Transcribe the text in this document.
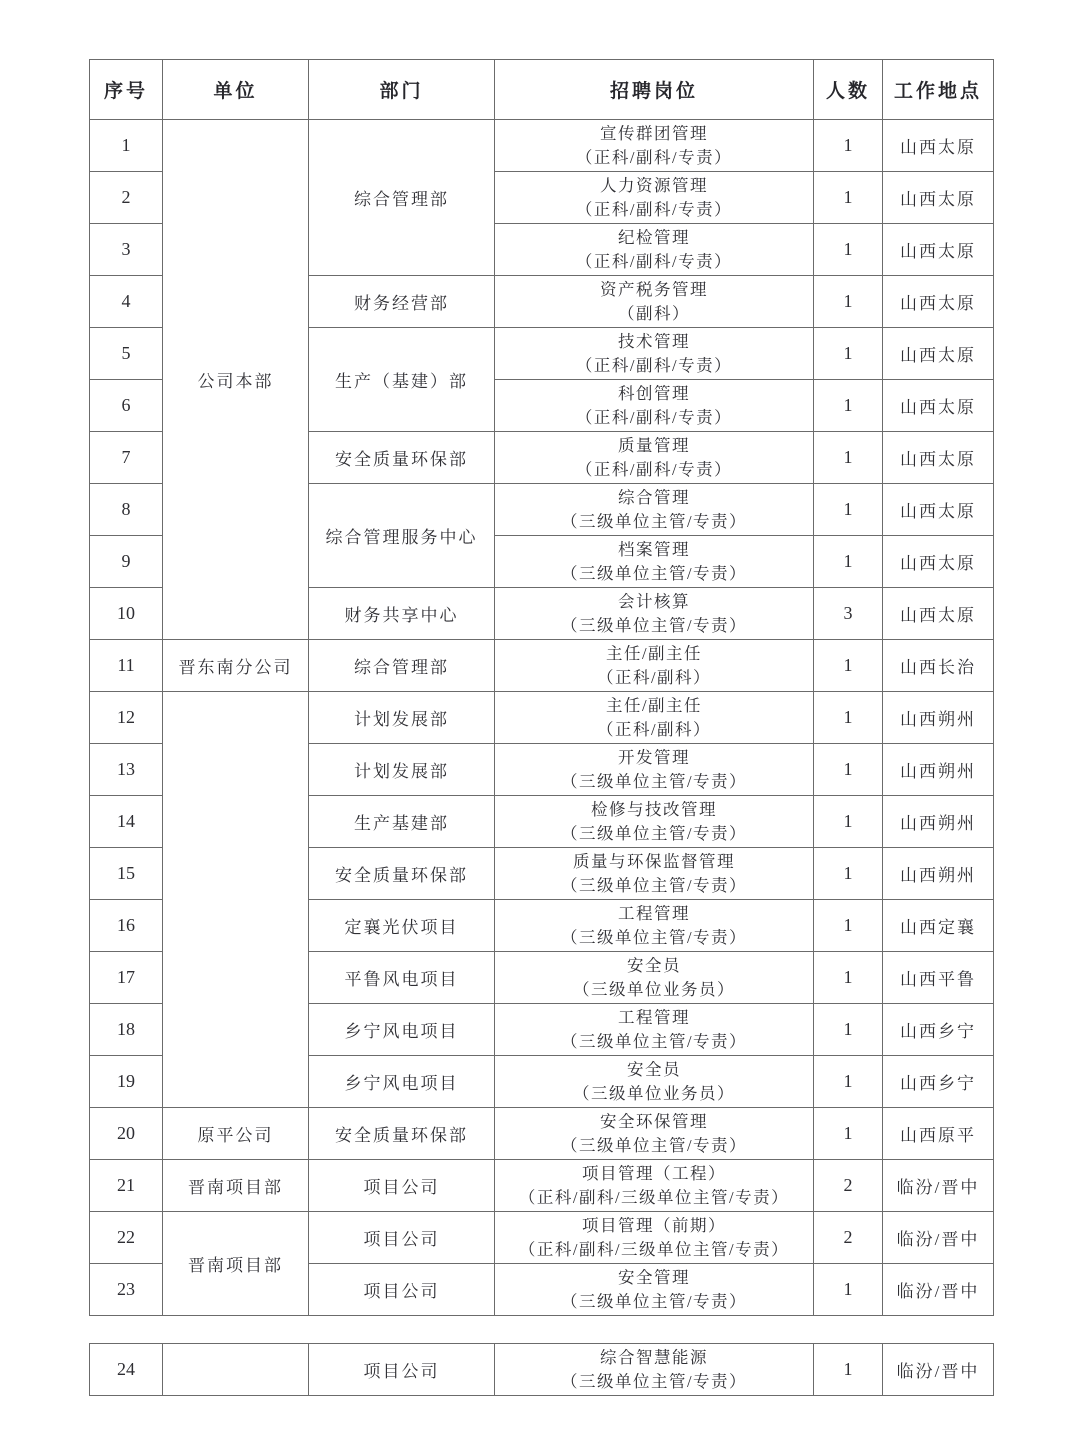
序号	单位	部门	招聘岗位	人数	工作地点
1	公司本部	综合管理部	宣传群团管理
（正科/副科/专责）	1	山西太原
2			人力资源管理
（正科/副科/专责）	1	山西太原
3			纪检管理
（正科/副科/专责）	1	山西太原
4		财务经营部	资产税务管理
（副科）	1	山西太原
5		生产（基建）部	技术管理
（正科/副科/专责）	1	山西太原
6			科创管理
（正科/副科/专责）	1	山西太原
7		安全质量环保部	质量管理
（正科/副科/专责）	1	山西太原
8		综合管理服务中心	综合管理
（三级单位主管/专责）	1	山西太原
9			档案管理
（三级单位主管/专责）	1	山西太原
10		财务共享中心	会计核算
（三级单位主管/专责）	3	山西太原
11	晋东南分公司	综合管理部	主任/副主任
（正科/副科）	1	山西长治
12		计划发展部	主任/副主任
（正科/副科）	1	山西朔州
13		计划发展部	开发管理
（三级单位主管/专责）	1	山西朔州
14		生产基建部	检修与技改管理
（三级单位主管/专责）	1	山西朔州
15		安全质量环保部	质量与环保监督管理
（三级单位主管/专责）	1	山西朔州
16		定襄光伏项目	工程管理
（三级单位主管/专责）	1	山西定襄
17		平鲁风电项目	安全员
（三级单位业务员）	1	山西平鲁
18		乡宁风电项目	工程管理
（三级单位主管/专责）	1	山西乡宁
19		乡宁风电项目	安全员
（三级单位业务员）	1	山西乡宁
20	原平公司	安全质量环保部	安全环保管理
（三级单位主管/专责）	1	山西原平
21	晋南项目部	项目公司	项目管理（工程）
（正科/副科/三级单位主管/专责）	2	临汾/晋中
22	晋南项目部	项目公司	项目管理（前期）
（正科/副科/三级单位主管/专责）	2	临汾/晋中
23		项目公司	安全管理
（三级单位主管/专责）	1	临汾/晋中
24		项目公司	
综合智慧能源
（三级单位主管/专责）
	1	临汾/晋中
